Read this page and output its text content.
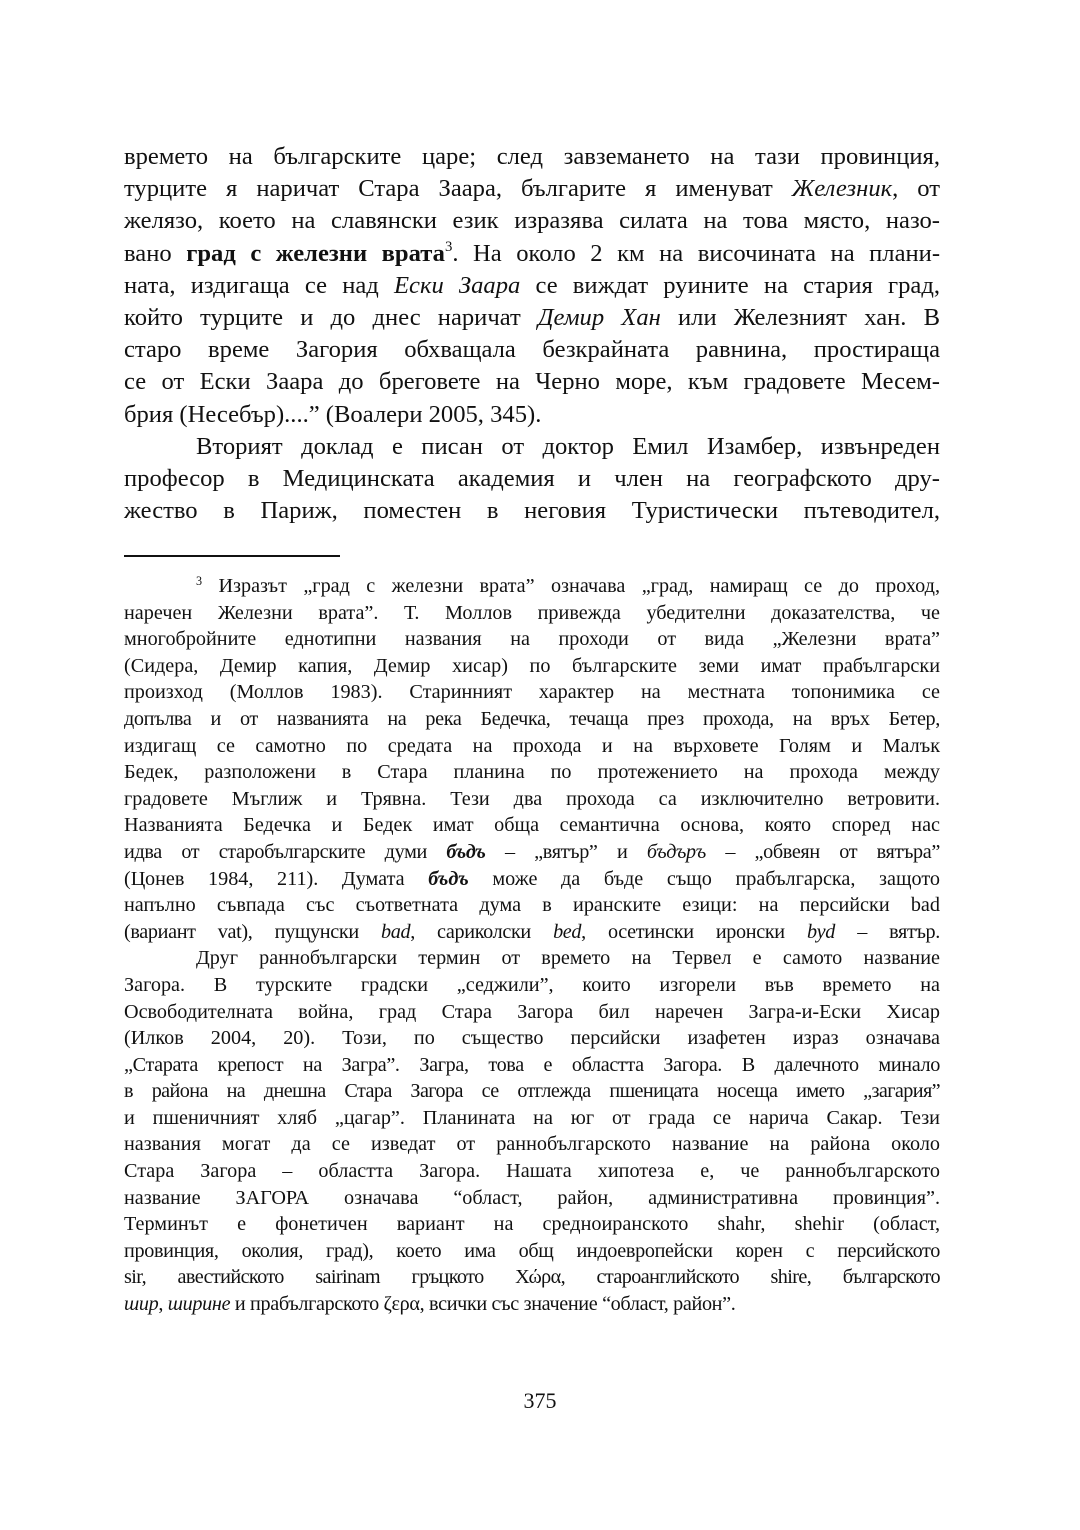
времето на българските царе; след завземането на тази провинция,
турците я наричат Стара Заара, българите я именуват Железник, от
желязо, което на славянски език изразява силата на това място, назо-
вано град с железни врата$^3$. На около 2 км на височината на плани-
ната, издигаща се над Ески Заара се виждат руините на стария град,
който турците и до днес наричат Демир Хан или Железният хан. В
старо време Загория обхващала безкрайната равнина, простираща
се от Ески Заара до бреговете на Черно море, към градовете Месем-
брия (Несебър)....” (Воалери 2005, 345).
Вторият доклад е писан от доктор Емил Изамбер, извънреден
професор в Медицинската академия и член на географското дру-
жество в Париж, поместен в неговия Туристически пътеводител,
$^3$ Изразът „град с железни врата” означава „град, намиращ се до проход,
наречен Железни врата”. Т. Моллов привежда убедителни доказателства, че
многобройните еднотипни названия на проходи от вида „Железни врата”
(Сидера, Демир капия, Демир хисар) по българските земи имат прабългарски
произход (Моллов 1983). Старинният характер на местната топонимика се
допълва и от названията на река Бедечка, течаща през прохода, на връх Бетер,
издигащ се самотно по средата на прохода и на върховете Голям и Малък
Бедек, разположени в Стара планина по протежението на прохода между
градовете Мъглиж и Трявна. Тези два прохода са изключително ветровити.
Названията Бедечка и Бедек имат обща семантична основа, която според нас
идва от старобългарските думи бъдъ – „вятър” и бъдъръ – „обвеян от вятъра”
(Цонев 1984, 211). Думата бъдъ може да бъде също прабългарска, защото
напълно съвпада със съответната дума в иранските езици: на персийски bad
(вариант vat), пущунски bad, сариколски bed, осетински иронски byd – вятър.
Друг раннобългарски термин от времето на Тервел е самото название
Загора. В турските градски „седжили”, които изгорели във времето на
Освободителната война, град Стара Загора бил наречен Загра-и-Ески Хисар
(Илков 2004, 20). Този, по същество персийски изафетен израз означава
„Старата крепост на Загра”. Загра, това е областта Загора. В далечното минало
в района на днешна Стара Загора се отглежда пшеницата носеща името „загария”
и пшеничният хляб „цагар”. Планината на юг от града се нарича Сакар. Тези
названия могат да се изведат от раннобългарското название на района около
Стара Загора – областта Загора. Нашата хипотеза е, че раннобългарското
название ЗАГОРА означава “област, район, административна провинция”.
Терминът е фонетичен вариант на средноиранското shahr, shehir (област,
провинция, околия, град), което има общ индоевропейски корен с персийското
sir, авестийското sairinam гръцкото Χώρα, староанглийското shire, българското
шир, ширине и прабългарското ζερα, всички със значение “област, район”.
375
